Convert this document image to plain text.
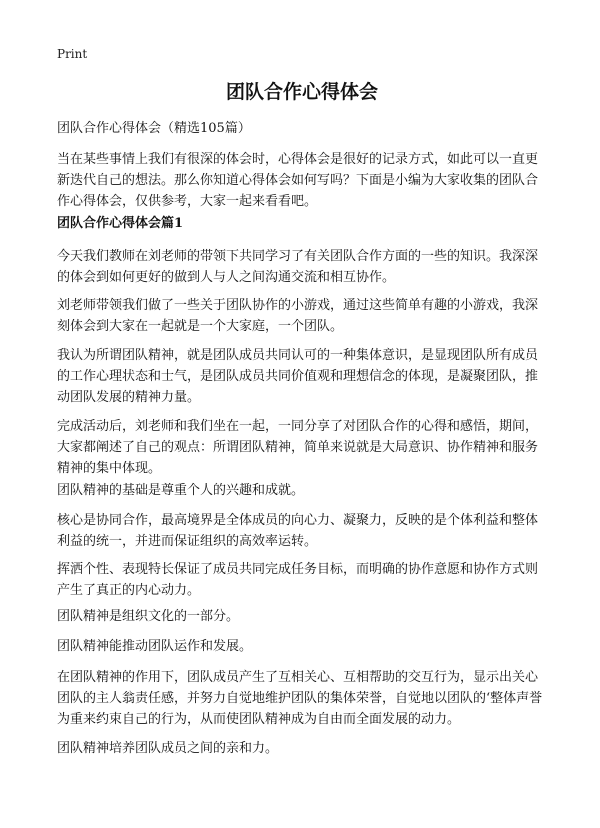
Print
团队合作心得体会

团队合作心得体会（精选105篇）

当在某些事情上我们有很深的体会时，心得体会是很好的记录方式，如此可以一直更新迭代自己的想法。那么你知道心得体会如何写吗？下面是小编为大家收集的团队合作心得体会，仅供参考，大家一起来看看吧。

团队合作心得体会篇1

今天我们教师在刘老师的带领下共同学习了有关团队合作方面的一些的知识。我深深的体会到如何更好的做到人与人之间沟通交流和相互协作。

刘老师带领我们做了一些关于团队协作的小游戏，通过这些简单有趣的小游戏，我深刻体会到大家在一起就是一个大家庭，一个团队。

我认为所谓团队精神，就是团队成员共同认可的一种集体意识，是显现团队所有成员的工作心理状态和士气，是团队成员共同价值观和理想信念的体现，是凝聚团队，推动团队发展的精神力量。

完成活动后，刘老师和我们坐在一起，一同分享了对团队合作的心得和感悟，期间，大家都阐述了自己的观点：所谓团队精神，简单来说就是大局意识、协作精神和服务精神的集中体现。

团队精神的基础是尊重个人的兴趣和成就。

核心是协同合作，最高境界是全体成员的向心力、凝聚力，反映的是个体利益和整体利益的统一，并进而保证组织的高效率运转。

挥洒个性、表现特长保证了成员共同完成任务目标，而明确的协作意愿和协作方式则产生了真正的内心动力。

团队精神是组织文化的一部分。

团队精神能推动团队运作和发展。

在团队精神的作用下，团队成员产生了互相关心、互相帮助的交互行为，显示出关心团队的主人翁责任感，并努力自觉地维护团队的集体荣誉，自觉地以团队的‘整体声誉为重来约束自己的行为，从而使团队精神成为自由而全面发展的动力。

团队精神培养团队成员之间的亲和力。
